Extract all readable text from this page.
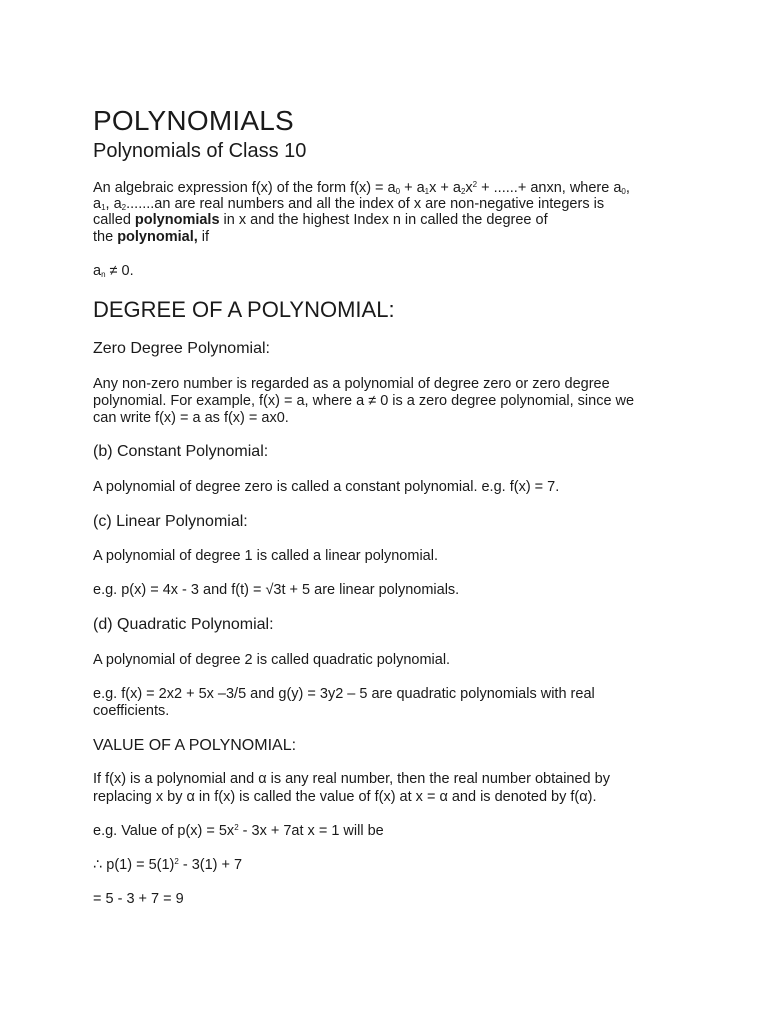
POLYNOMIALS
Polynomials of Class 10
An algebraic expression f(x) of the form $f(x) = a_0 + a_1x + a_2x^2$ + ......+ anxn, where $a_0$,
$a_1$, $a_2.......an$ are real numbers and all the index of x are non-negative integers is
called polynomials in x and the highest Index n in called the degree of
the polynomial, if
$a_n \ne 0$.
DEGREE OF A POLYNOMIAL:
Zero Degree Polynomial:
Any non-zero number is regarded as a polynomial of degree zero or zero degree
polynomial. For example, f(x) = a, where a ≠ 0 is a zero degree polynomial, since we
can write f(x) = a as f(x) = ax0.
(b) Constant Polynomial:
A polynomial of degree zero is called a constant polynomial. e.g. f(x) = 7.
(c) Linear Polynomial:
A polynomial of degree 1 is called a linear polynomial.
e.g. p(x) = 4x - 3 and f(t) = √3t + 5 are linear polynomials.
(d) Quadratic Polynomial:
A polynomial of degree 2 is called quadratic polynomial.
e.g. f(x) = 2x2 + 5x –3/5 and g(y) = 3y2 – 5 are quadratic polynomials with real
coefficients.
VALUE OF A POLYNOMIAL:
If f(x) is a polynomial and α is any real number, then the real number obtained by
replacing x by α in f(x) is called the value of f(x) at x = α and is denoted by f(α).
e.g. Value of $p(x) = 5x^2 - 3x + 7at$ x = 1 will be
∴ $p(1) = 5(1)^2 - 3(1) + 7$
= 5 - 3 + 7 = 9
